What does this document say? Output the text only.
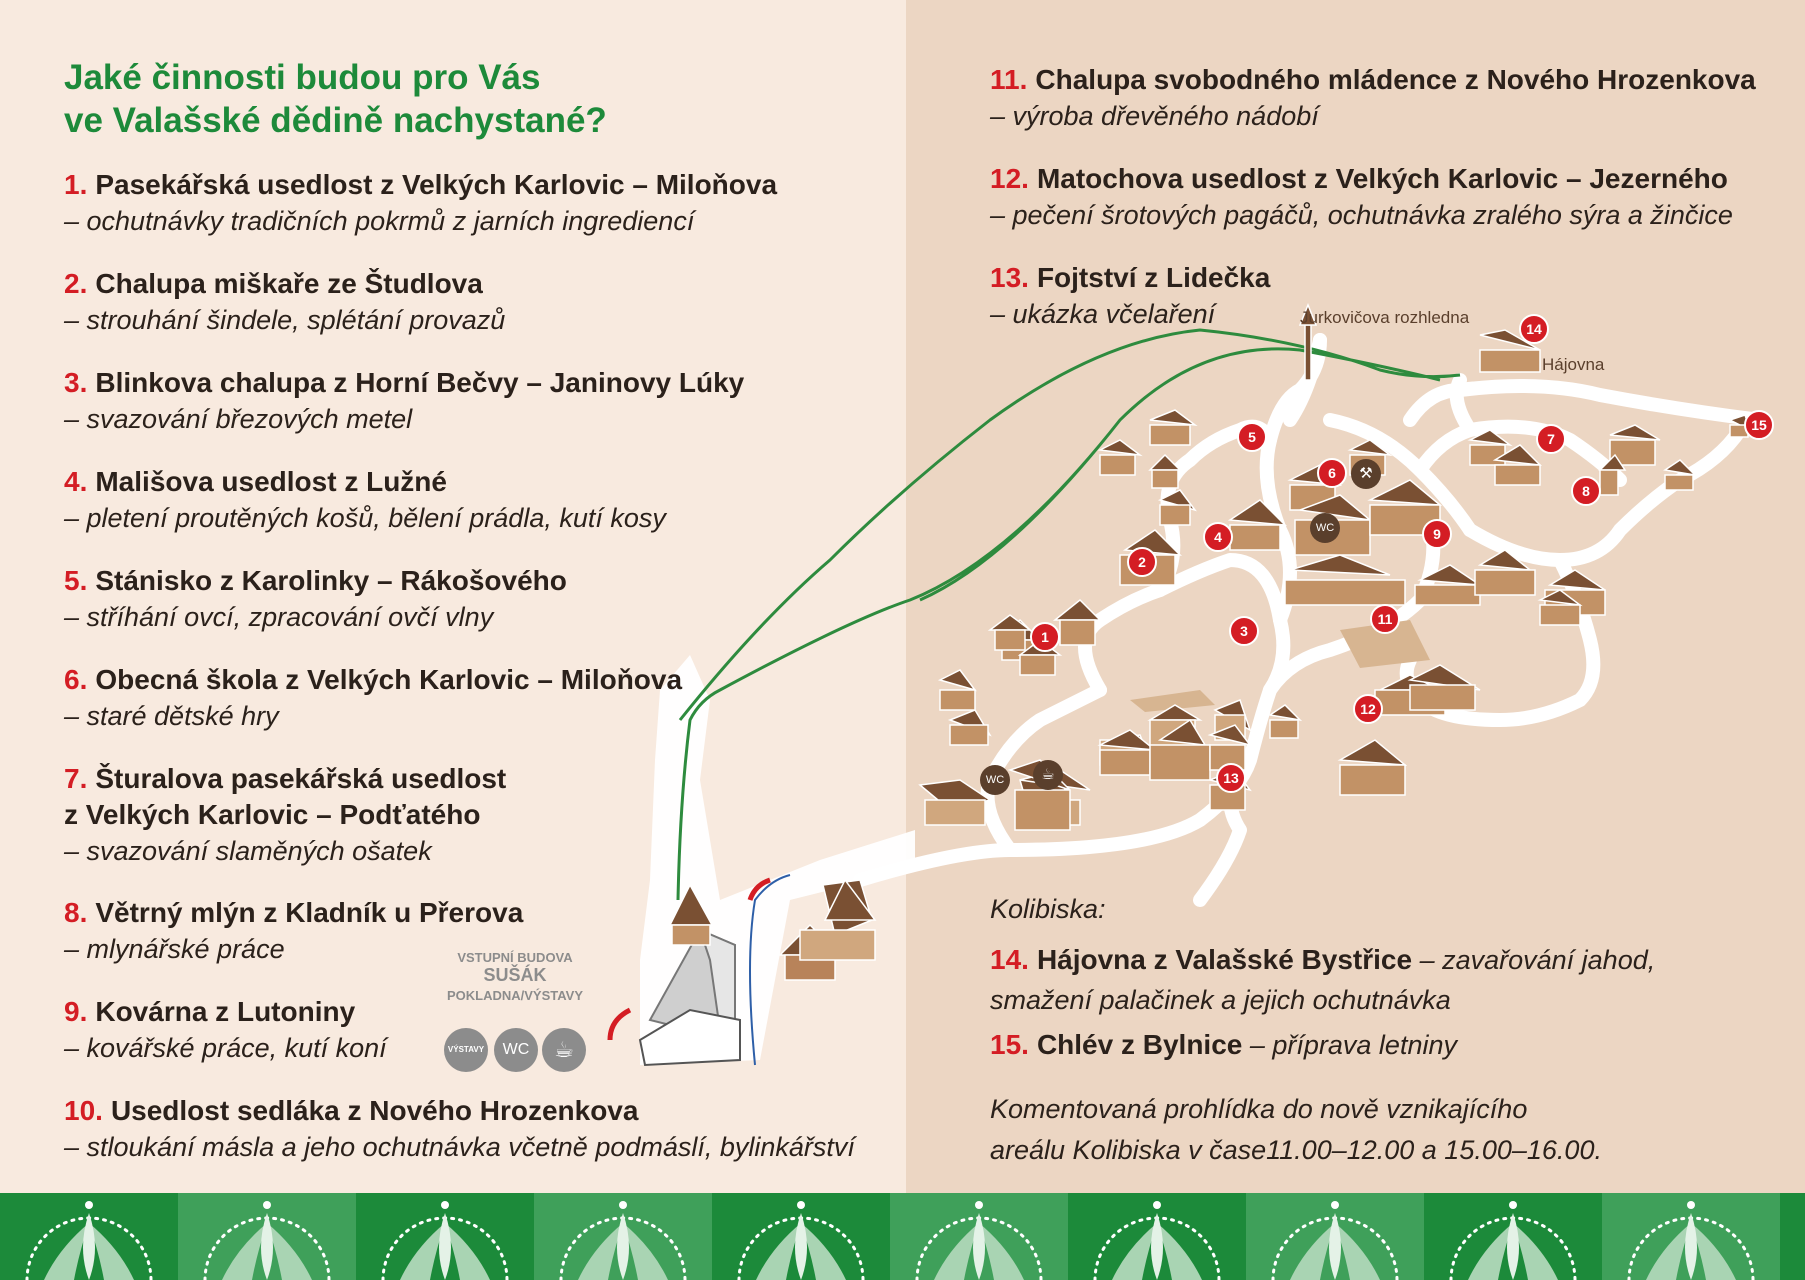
Jaké činnosti budou pro Vás
ve Valašské dědině nachystané?
1. Pasekářská usedlost z Velkých Karlovic – Miloňova
– ochutnávky tradičních pokrmů z jarních ingrediencí
2. Chalupa miškaře ze Študlova
– strouhání šindele, splétání provazů
3. Blinkova chalupa z Horní Bečvy – Janinovy Lúky
– svazování březových metel
4. Mališova usedlost z Lužné
– pletení proutěných košů, bělení prádla, kutí kosy
5. Stánisko z Karolinky – Rákošového
– stříhání ovcí, zpracování ovčí vlny
6. Obecná škola z Velkých Karlovic – Miloňova
– staré dětské hry
7. Šturalova pasekářská usedlost
z Velkých Karlovic – Podťatého
– svazování slaměných ošatek
8. Větrný mlýn z Kladník u Přerova
– mlynářské práce
9. Kovárna z Lutoniny
– kovářské práce, kutí koní
10. Usedlost sedláka z Nového Hrozenkova
– stloukání másla a jeho ochutnávka včetně podmáslí, bylinkářství
11. Chalupa svobodného mládence z Nového Hrozenkova
– výroba dřevěného nádobí
12. Matochova usedlost z Velkých Karlovic – Jezerného
– pečení šrotových pagáčů, ochutnávka zralého sýra a žinčice
13. Fojtství z Lidečka
– ukázka včelaření
Kolibiska:
14. Hájovna z Valašské Bystřice – zavařování jahod,
smažení palačinek a jejich ochutnávka
15. Chlév z Bylnice – příprava letniny
Komentovaná prohlídka do nově vznikajícího
areálu Kolibiska v čase11.00–12.00 a 15.00–16.00.
Jurkovičova rozhledna
Hájovna
VSTUPNÍ BUDOVA
SUŠÁK
POKLADNA/VÝSTAVY
VÝSTAVY	WC	☕
WC	☕
WC
⚒
1
2
3
4
5
6
7
8
9
11
12
13
14
15
